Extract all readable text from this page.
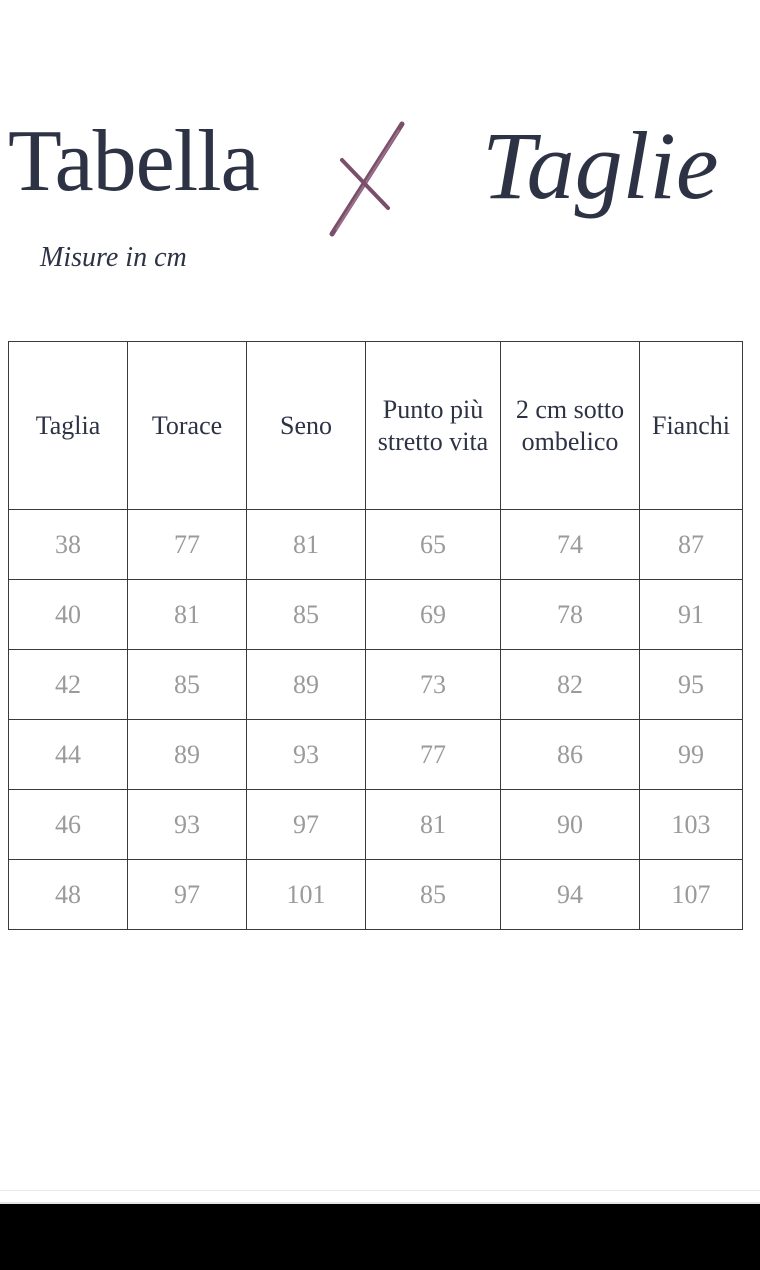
Tabella Taglie
Misure in cm
Taglia	Torace	Seno	Punto più stretto vita	2 cm sotto ombelico	Fianchi
38	77	81	65	74	87
40	81	85	69	78	91
42	85	89	73	82	95
44	89	93	77	86	99
46	93	97	81	90	103
48	97	101	85	94	107
